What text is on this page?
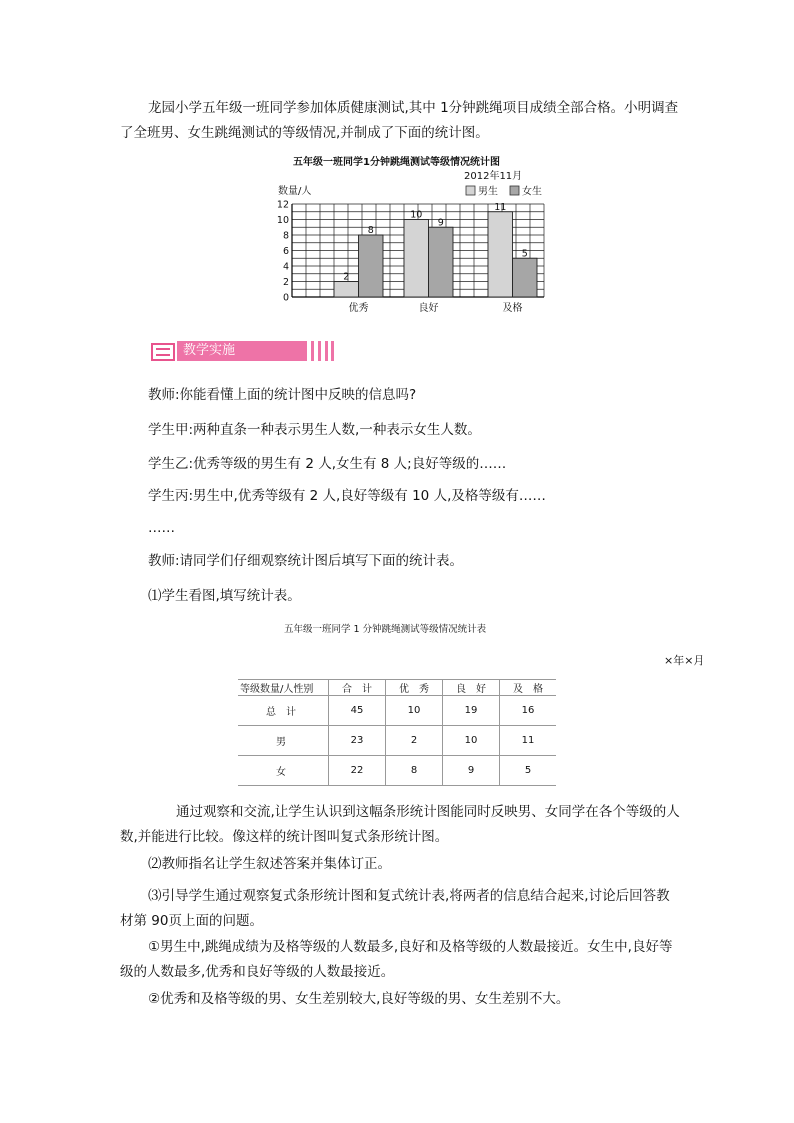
龙园小学五年级一班同学参加体质健康测试,其中 1分钟跳绳项目成绩全部合格。小明调查了全班男、女生跳绳测试的等级情况,并制成了下面的统计图。

五年级一班同学1分钟跳绳测试等级情况统计图
2012年11月
数量/人	男生 女生
0
2
4
6
8
10
12
2
8
优秀
10
9
良好
11
5
及格
教学实施

教师:你能看懂上面的统计图中反映的信息吗?

学生甲:两种直条一种表示男生人数,一种表示女生人数。

学生乙:优秀等级的男生有 2 人,女生有 8 人;良好等级的……

学生丙:男生中,优秀等级有 2 人,良好等级有 10 人,及格等级有……

……

教师:请同学们仔细观察统计图后填写下面的统计表。

⑴学生看图,填写统计表。

五年级一班同学 1 分钟跳绳测试等级情况统计表
×年×月
等级数量/人性别	合　计	优　秀	良　好	及　格
总　计	45	10	19	16
男	23	2	10	11
女	22	8	9	5

通过观察和交流,让学生认识到这幅条形统计图能同时反映男、女同学在各个等级的人数,并能进行比较。像这样的统计图叫复式条形统计图。

⑵教师指名让学生叙述答案并集体订正。

⑶引导学生通过观察复式条形统计图和复式统计表,将两者的信息结合起来,讨论后回答教材第 90页上面的问题。

①男生中,跳绳成绩为及格等级的人数最多,良好和及格等级的人数最接近。女生中,良好等级的人数最多,优秀和良好等级的人数最接近。

②优秀和及格等级的男、女生差别较大,良好等级的男、女生差别不大。
